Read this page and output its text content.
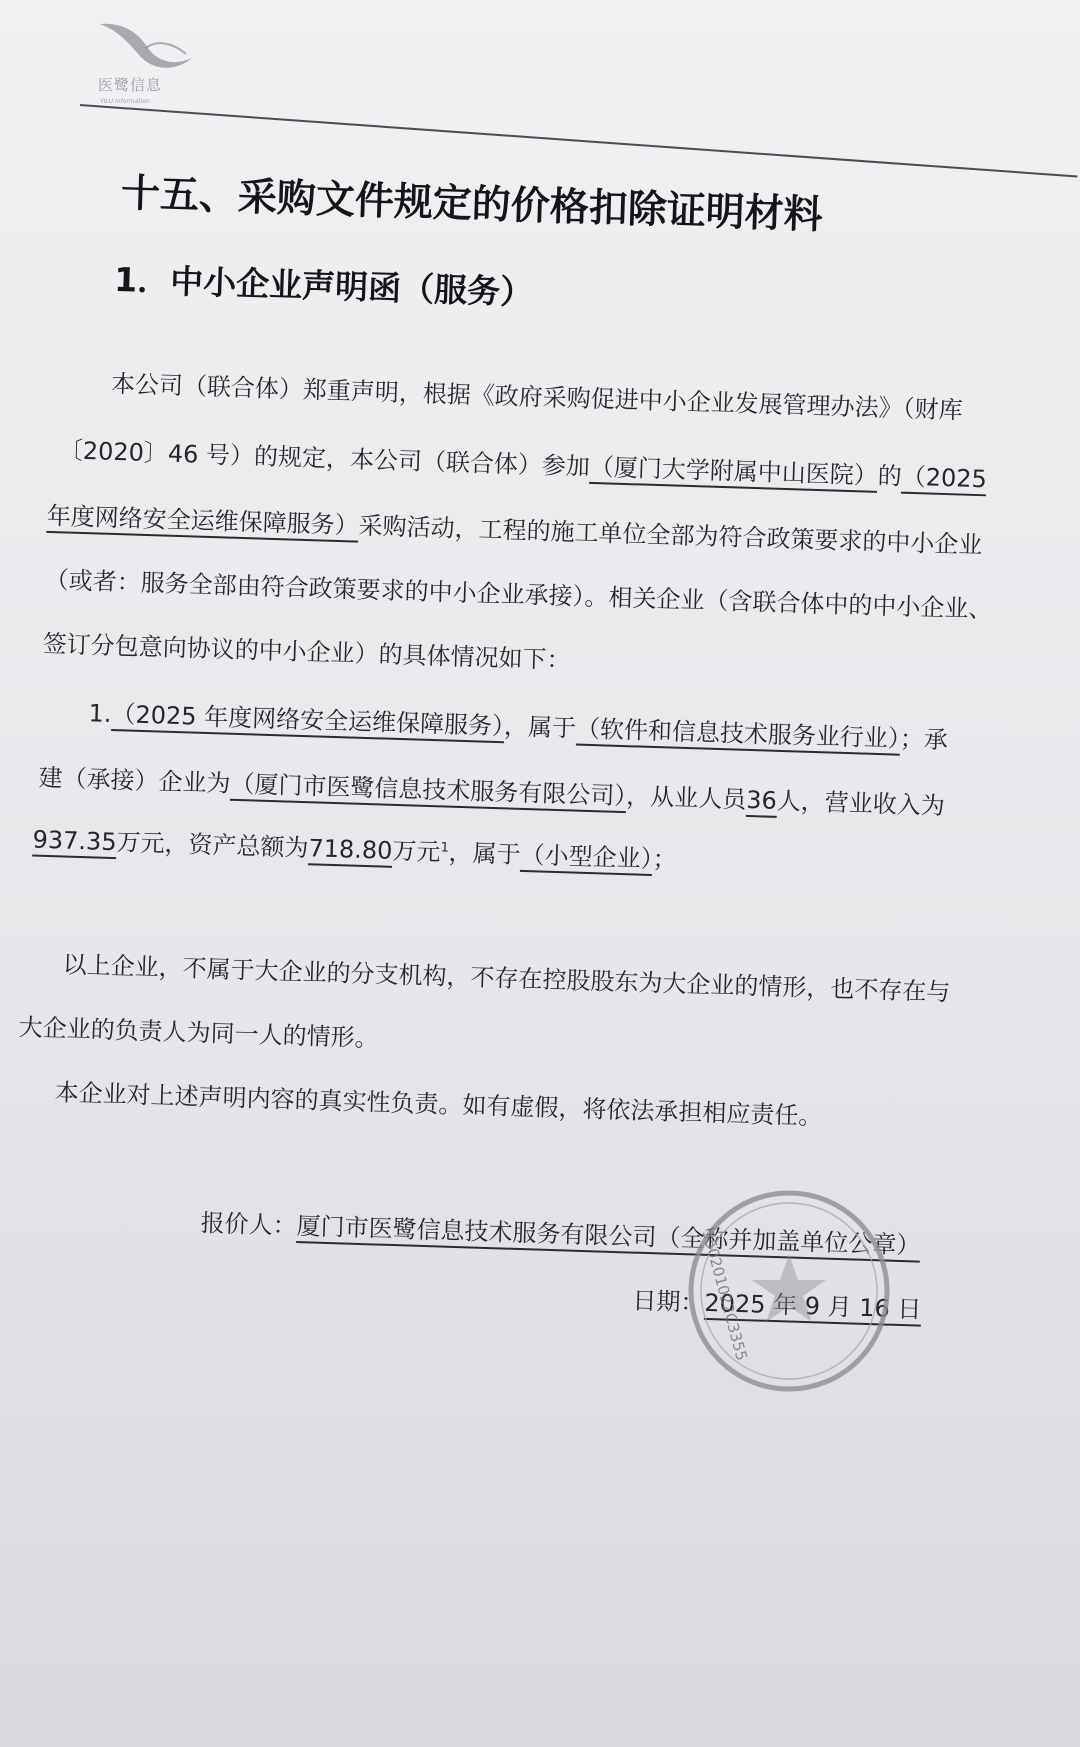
医鹭信息
YILU Information
十五、采购文件规定的价格扣除证明材料
1．中小企业声明函（服务）
本公司（联合体）郑重声明，根据《政府采购促进中小企业发展管理办法》（财库
〔2020〕46 号）的规定，本公司（联合体）参加（厦门大学附属中山医院）的（2025
年度网络安全运维保障服务）采购活动，工程的施工单位全部为符合政策要求的中小企业
（或者：服务全部由符合政策要求的中小企业承接）。相关企业（含联合体中的中小企业、
签订分包意向协议的中小企业）的具体情况如下：
1.（2025 年度网络安全运维保障服务），属于（软件和信息技术服务业行业）；承
建（承接）企业为（厦门市医鹭信息技术服务有限公司），从业人员36人，营业收入为
937.35万元，资产总额为718.80万元$^1$，属于（小型企业）；
以上企业，不属于大企业的分支机构，不存在控股股东为大企业的情形，也不存在与
大企业的负责人为同一人的情形。
本企业对上述声明内容的真实性负责。如有虚假，将依法承担相应责任。
报价人：厦门市医鹭信息技术服务有限公司（全称并加盖单位公章）
日期：2025 年 9 月 16 日
350201022C3355
